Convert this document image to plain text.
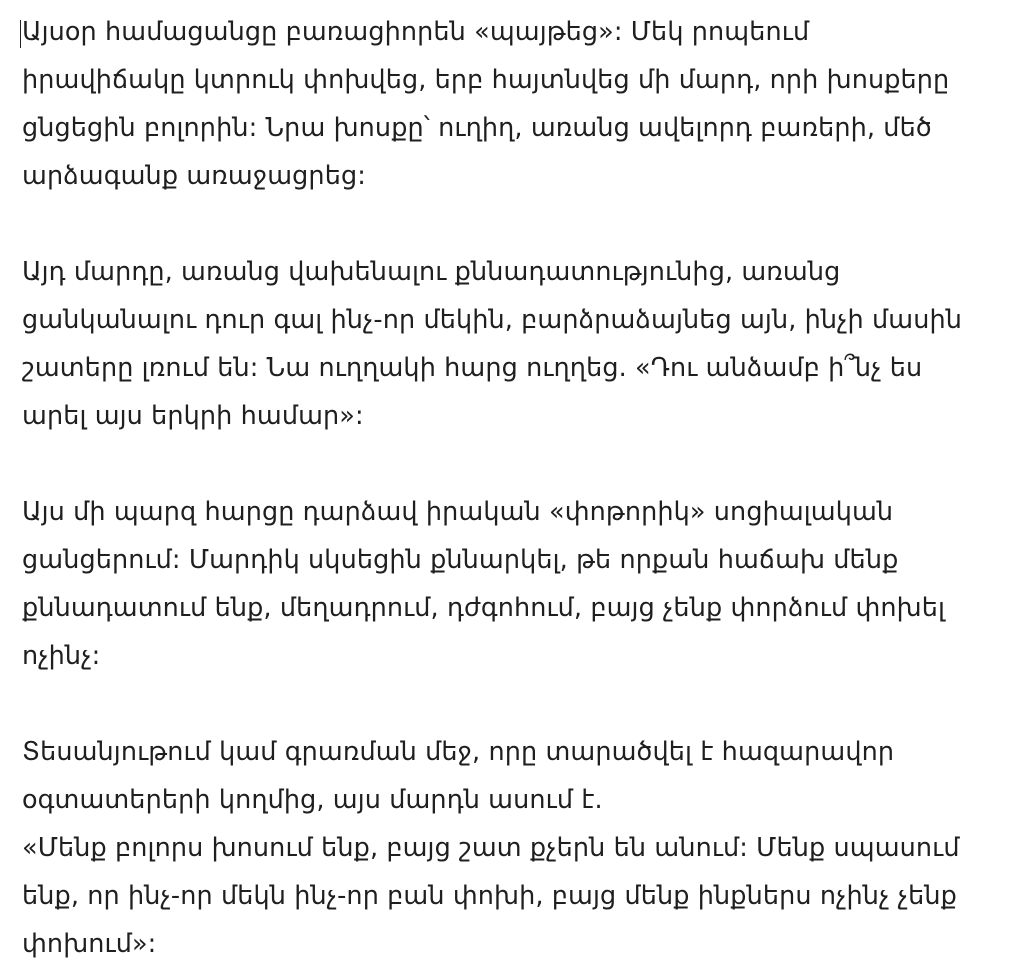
Այսօր համացանցը բառացիորեն «պայթեց»: Մեկ րոպեում
իրավիճակը կտրուկ փոխվեց, երբ հայտնվեց մի մարդ, որի խոսքերը
ցնցեցին բոլորին: Նրա խոսքը՝ ուղիղ, առանց ավելորդ բառերի, մեծ
արձագանք առաջացրեց:

Այդ մարդը, առանց վախենալու քննադատությունից, առանց
ցանկանալու դուր գալ ինչ-որ մեկին, բարձրաձայնեց այն, ինչի մասին
շատերը լռում են: Նա ուղղակի հարց ուղղեց. «Դու անձամբ ի՞նչ ես
արել այս երկրի համար»:

Այս մի պարզ հարցը դարձավ իրական «փոթորիկ» սոցիալական
ցանցերում: Մարդիկ սկսեցին քննարկել, թե որքան հաճախ մենք
քննադատում ենք, մեղադրում, դժգոհում, բայց չենք փորձում փոխել
ոչինչ:

Տեսանյութում կամ գրառման մեջ, որը տարածվել է հազարավոր
օգտատերերի կողմից, այս մարդն ասում է.
«Մենք բոլորս խոսում ենք, բայց շատ քչերն են անում: Մենք սպասում
ենք, որ ինչ-որ մեկն ինչ-որ բան փոխի, բայց մենք ինքներս ոչինչ չենք
փոխում»:
